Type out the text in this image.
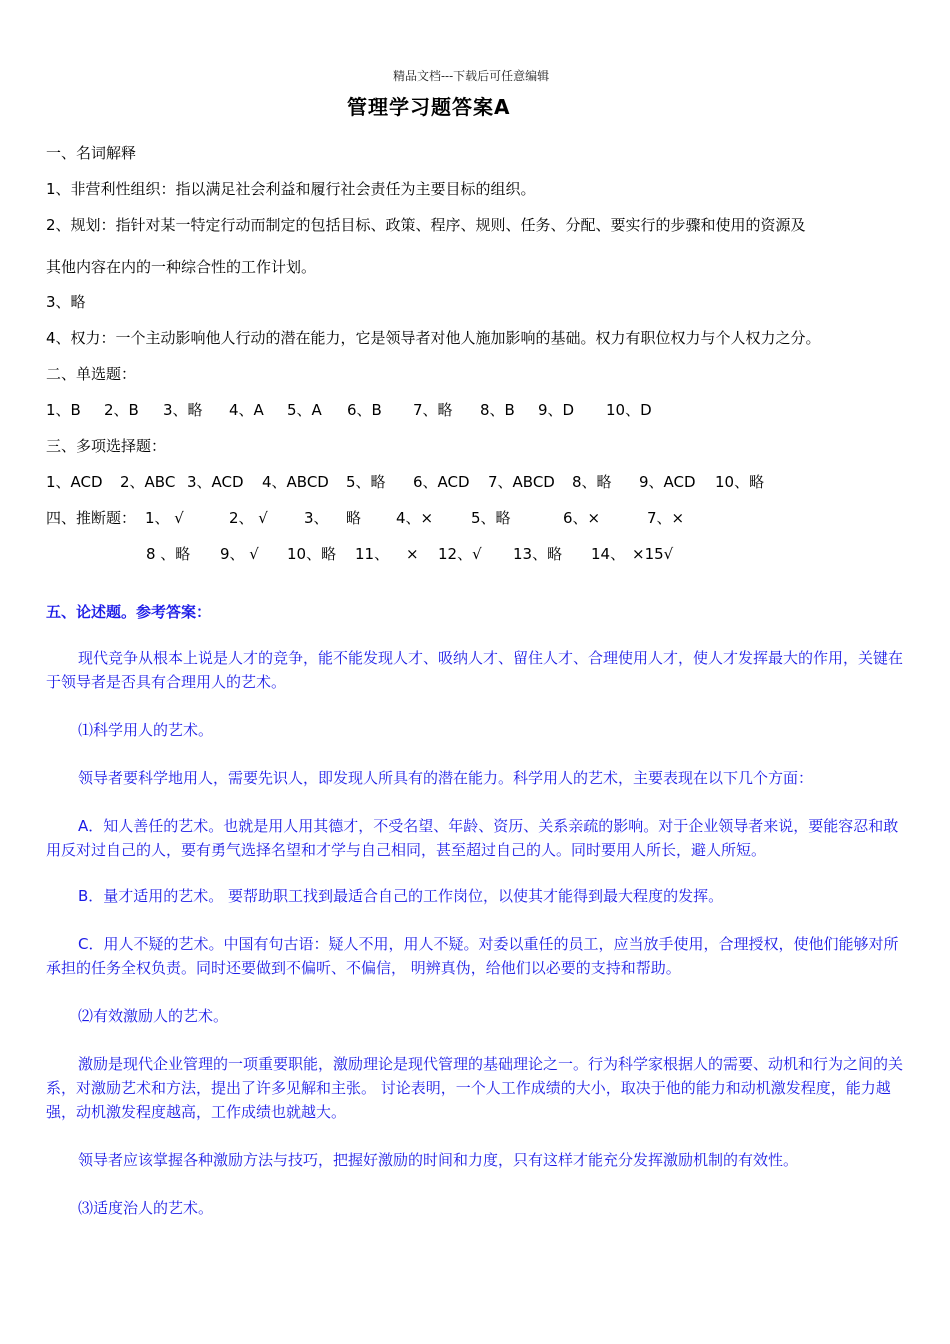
精品文档---下载后可任意编辑
管理学习题答案A
一、名词解释
1、非营利性组织：指以满足社会利益和履行社会责任为主要目标的组织。
2、规划：指针对某一特定行动而制定的包括目标、政策、程序、规则、任务、分配、要实行的步骤和使用的资源及
其他内容在内的一种综合性的工作计划。
3、略
4、权力：一个主动影响他人行动的潜在能力，它是领导者对他人施加影响的基础。权力有职位权力与个人权力之分。
二、单选题：
1、B 2、B 3、略 4、A 5、A 6、B 7、略 8、B 9、D 10、D
三、多项选择题：
1、ACD 2、ABC 3、ACD 4、ABCD 5、略 6、ACD 7、ABCD 8、略 9、ACD 10、略
四、推断题： 1、 √	2、 √ 3、 略 4、×	5、略	6、×	7、×
8 、略 9、 √ 10、略 11、 × 12、√ 13、略 14、 ×15√
五、论述题。参考答案：
现代竞争从根本上说是人才的竞争，能不能发现人才、吸纳人才、留住人才、合理使用人才，使人才发挥最大的作用，关键在于领导者是否具有合理用人的艺术。
⑴科学用人的艺术。
领导者要科学地用人，需要先识人，即发现人所具有的潜在能力。科学用人的艺术，主要表现在以下几个方面：
A．知人善任的艺术。也就是用人用其德才，不受名望、年龄、资历、关系亲疏的影响。对于企业领导者来说，要能容忍和敢用反对过自己的人，要有勇气选择名望和才学与自己相同，甚至超过自己的人。同时要用人所长，避人所短。
B．量才适用的艺术。 要帮助职工找到最适合自己的工作岗位，以使其才能得到最大程度的发挥。
C．用人不疑的艺术。中国有句古语：疑人不用，用人不疑。对委以重任的员工，应当放手使用，合理授权，使他们能够对所承担的任务全权负责。同时还要做到不偏听、不偏信， 明辨真伪，给他们以必要的支持和帮助。
⑵有效激励人的艺术。
激励是现代企业管理的一项重要职能，激励理论是现代管理的基础理论之一。行为科学家根据人的需要、动机和行为之间的关系，对激励艺术和方法，提出了许多见解和主张。 讨论表明，一个人工作成绩的大小，取决于他的能力和动机激发程度，能力越强，动机激发程度越高，工作成绩也就越大。
领导者应该掌握各种激励方法与技巧，把握好激励的时间和力度，只有这样才能充分发挥激励机制的有效性。
⑶适度治人的艺术。
